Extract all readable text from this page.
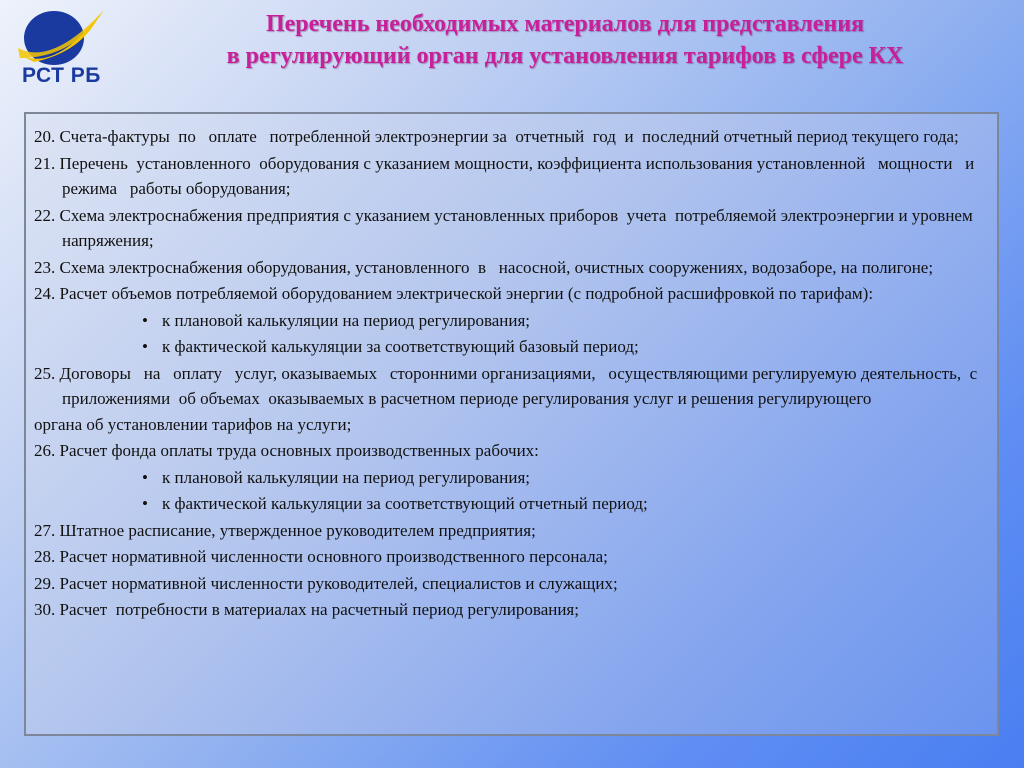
РСТ РБ
Перечень необходимых материалов для представления
в регулирующий орган для установления тарифов в сфере КХ
20. Счета-фактуры  по   оплате   потребленной электроэнергии за  отчетный  год  и  последний отчетный период текущего года;
21. Перечень  установленного  оборудования с указанием мощности, коэффициента использования установленной   мощности   и   режима   работы оборудования;
22. Схема электроснабжения предприятия с указанием установленных приборов  учета  потребляемой электроэнергии и уровнем напряжения;
23. Схема электроснабжения оборудования, установленного  в   насосной, очистных сооружениях, водозаборе, на полигоне;
24. Расчет объемов потребляемой оборудованием электрической энергии (с подробной расшифровкой по тарифам):
• к плановой калькуляции на период регулирования;
• к фактической калькуляции за соответствующий базовый период;
25. Договоры   на   оплату   услуг, оказываемых   сторонними организациями,   осуществляющими регулируемую деятельность,  с приложениями  об объемах  оказываемых в расчетном периоде регулирования услуг и решения регулирующего
органа об установлении тарифов на услуги;
26. Расчет фонда оплаты труда основных производственных рабочих:
• к плановой калькуляции на период регулирования;
• к фактической калькуляции за соответствующий отчетный период;
27. Штатное расписание, утвержденное руководителем предприятия;
28. Расчет нормативной численности основного производственного персонала;
29. Расчет нормативной численности руководителей, специалистов и служащих;
30. Расчет  потребности в материалах на расчетный период регулирования;
